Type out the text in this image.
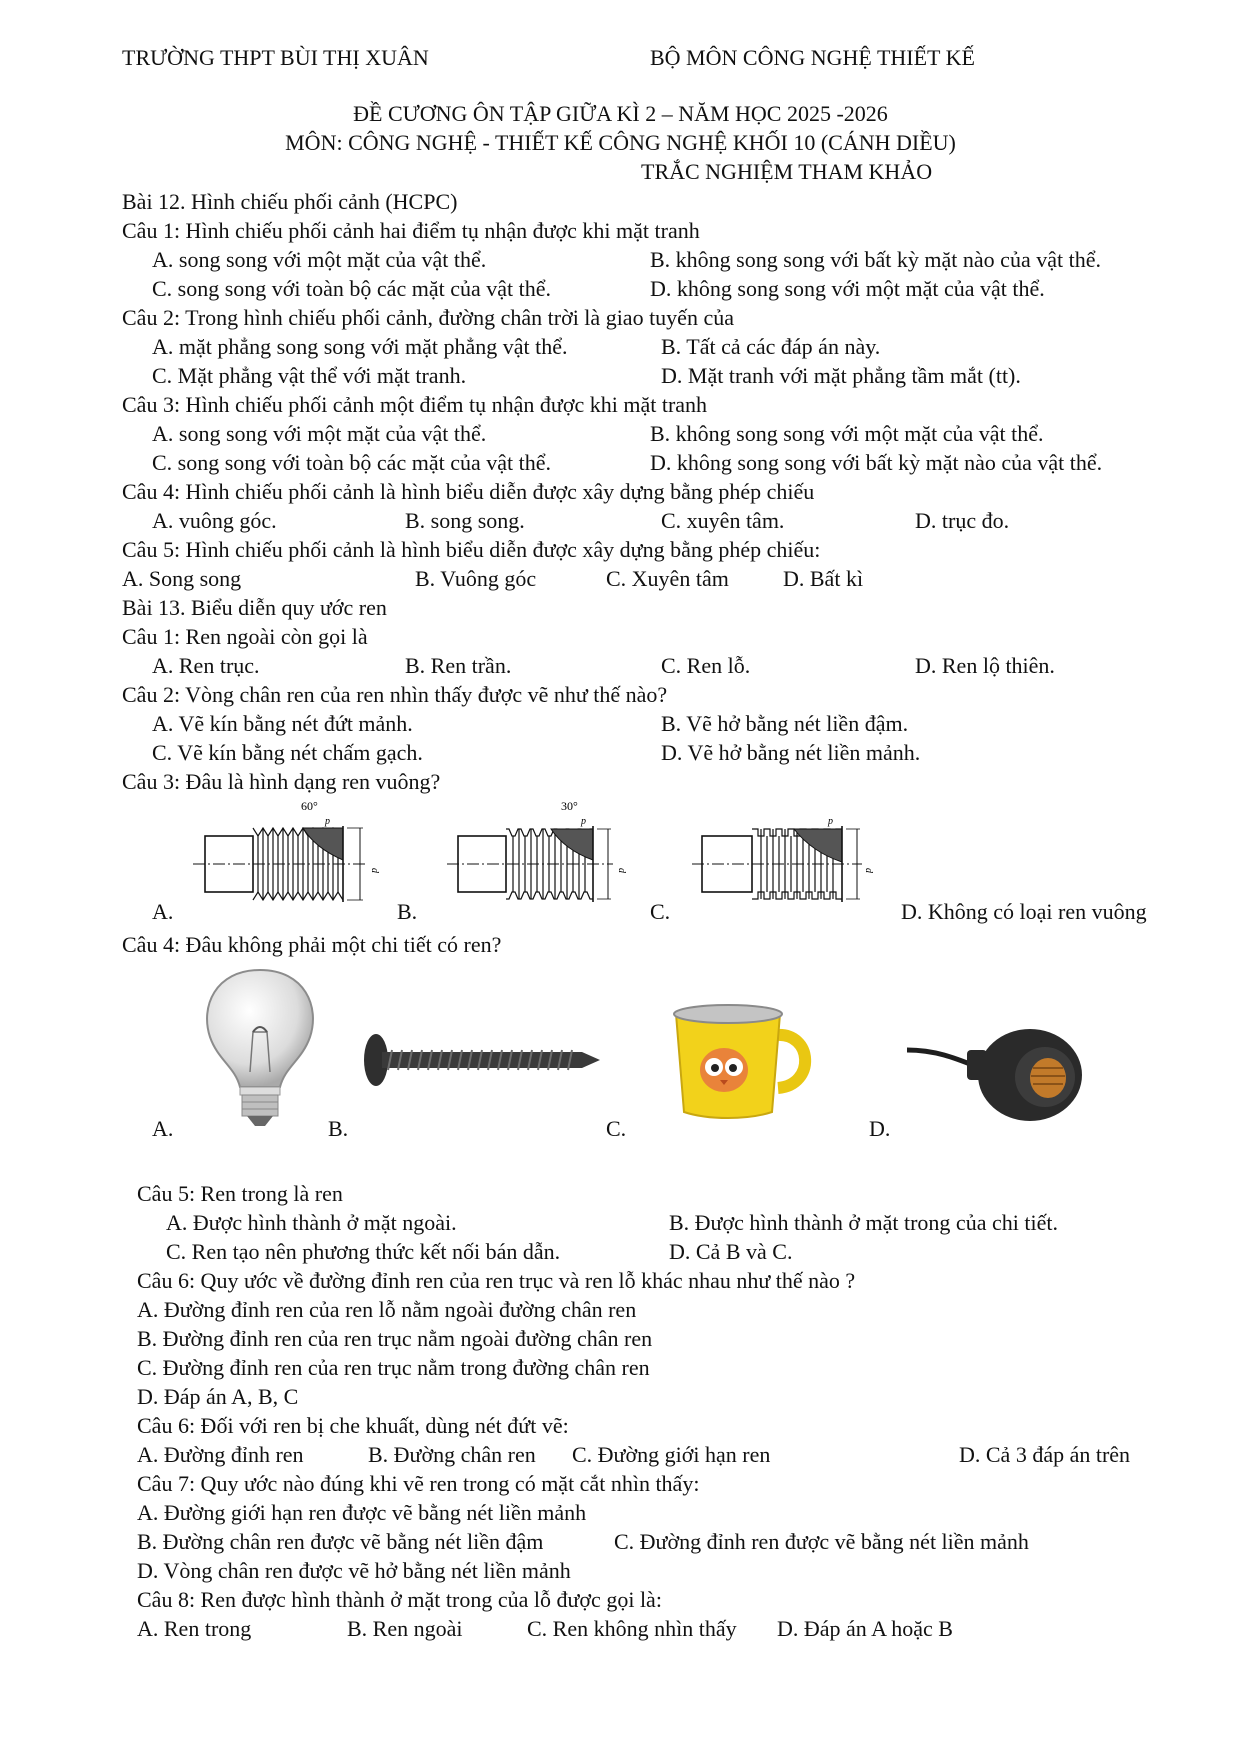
TRƯỜNG THPT BÙI THỊ XUÂN	BỘ MÔN CÔNG NGHỆ THIẾT KẾ
ĐỀ CƯƠNG ÔN TẬP GIỮA KÌ 2 – NĂM HỌC 2025 -2026
MÔN: CÔNG NGHỆ - THIẾT KẾ CÔNG NGHỆ KHỐI 10 (CÁNH DIỀU)
TRẮC NGHIỆM THAM KHẢO
Bài 12. Hình chiếu phối cảnh (HCPC)
Câu 1: Hình chiếu phối cảnh hai điểm tụ nhận được khi mặt tranh
A. song song với một mặt của vật thể.	B. không song song với bất kỳ mặt nào của vật thể.
C. song song với toàn bộ các mặt của vật thể.	D. không song song với một mặt của vật thể.
Câu 2: Trong hình chiếu phối cảnh, đường chân trời là giao tuyến của
A. mặt phẳng song song với mặt phẳng vật thể.	B. Tất cả các đáp án này.
C. Mặt phẳng vật thể với mặt tranh.	D. Mặt tranh với mặt phẳng tầm mắt (tt).
Câu 3: Hình chiếu phối cảnh một điểm tụ nhận được khi mặt tranh
A. song song với một mặt của vật thể.	B. không song song với một mặt của vật thể.
C. song song với toàn bộ các mặt của vật thể.	D. không song song với bất kỳ mặt nào của vật thể.
Câu 4: Hình chiếu phối cảnh là hình biểu diễn được xây dựng bằng phép chiếu
A. vuông góc.	B. song song.	C. xuyên tâm.	D. trục đo.
Câu 5: Hình chiếu phối cảnh là hình biểu diễn được xây dựng bằng phép chiếu:
A. Song song	B. Vuông góc	C. Xuyên tâm D. Bất kì
Bài 13. Biểu diễn quy ước ren
Câu 1: Ren ngoài còn gọi là
A. Ren trục.	B. Ren trần.	C. Ren lỗ.	D. Ren lộ thiên.
Câu 2: Vòng chân ren của ren nhìn thấy được vẽ như thế nào?
A. Vẽ kín bằng nét đứt mảnh.	B. Vẽ hở bằng nét liền đậm.
C. Vẽ kín bằng nét chấm gạch.	D. Vẽ hở bằng nét liền mảnh.
Câu 3: Đâu là hình dạng ren vuông?
60°
p
d
A.
30°
p
d
B.
p
d
C.	D. Không có loại ren vuông
Câu 4: Đâu không phải một chi tiết có ren?
A.	B.	C.	D.
Câu 5: Ren trong là ren
A. Được hình thành ở mặt ngoài.	B. Được hình thành ở mặt trong của chi tiết.
C. Ren tạo nên phương thức kết nối bán dẫn.	D. Cả B và C.
Câu 6: Quy ước về đường đỉnh ren của ren trục và ren lỗ khác nhau như thế nào ?
A. Đường đỉnh ren của ren lỗ nằm ngoài đường chân ren
B. Đường đỉnh ren của ren trục nằm ngoài đường chân ren
C. Đường đỉnh ren của ren trục nằm trong đường chân ren
D. Đáp án A, B, C
Câu 6: Đối với ren bị che khuất, dùng nét đứt vẽ:
A. Đường đỉnh ren	B. Đường chân ren C. Đường giới hạn ren	D. Cả 3 đáp án trên
Câu 7: Quy ước nào đúng khi vẽ ren trong có mặt cắt nhìn thấy:
A. Đường giới hạn ren được vẽ bằng nét liền mảnh
B. Đường chân ren được vẽ bằng nét liền đậm	C. Đường đỉnh ren được vẽ bằng nét liền mảnh
D. Vòng chân ren được vẽ hở bằng nét liền mảnh
Câu 8: Ren được hình thành ở mặt trong của lỗ được gọi là:
A. Ren trong	B. Ren ngoài	C. Ren không nhìn thấy D. Đáp án A hoặc B
